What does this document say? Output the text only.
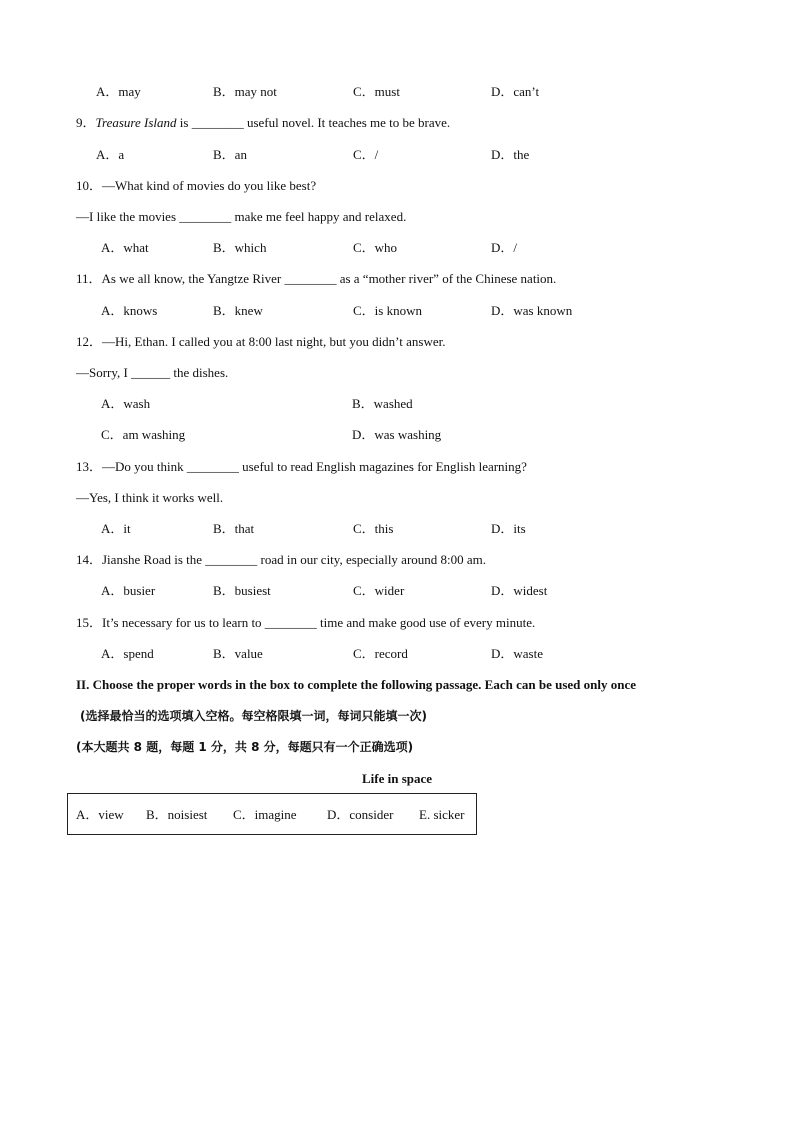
A．may	B．may not	C．must	D．can’t
9．Treasure Island is ________ useful novel. It teaches me to be brave.
A．a	B．an	C．/	D．the
10．—What kind of movies do you like best?
—I like the movies ________ make me feel happy and relaxed.
A．what	B．which	C．who	D．/
11．As we all know, the Yangtze River ________ as a “mother river” of the Chinese nation.
A．knows	B．knew	C．is known	D．was known
12．—Hi, Ethan. I called you at 8:00 last night, but you didn’t answer.
—Sorry, I ______ the dishes.
A．wash	B．washed
C．am washing	D．was washing
13．—Do you think ________ useful to read English magazines for English learning?
—Yes, I think it works well.
A．it	B．that	C．this	D．its
14．Jianshe Road is the ________ road in our city, especially around 8:00 am.
A．busier	B．busiest	C．wider	D．widest
15．It’s necessary for us to learn to ________ time and make good use of every minute.
A．spend	B．value	C．record	D．waste
II. Choose the proper words in the box to complete the following passage. Each can be used only once
(选择最恰当的选项填入空格。每空格限填一词，每词只能填一次)
(本大题共 8 题，每题 1 分，共 8 分，每题只有一个正确选项)
Life in space
A．view B．noisiest C．imagine D．consider E. sicker
